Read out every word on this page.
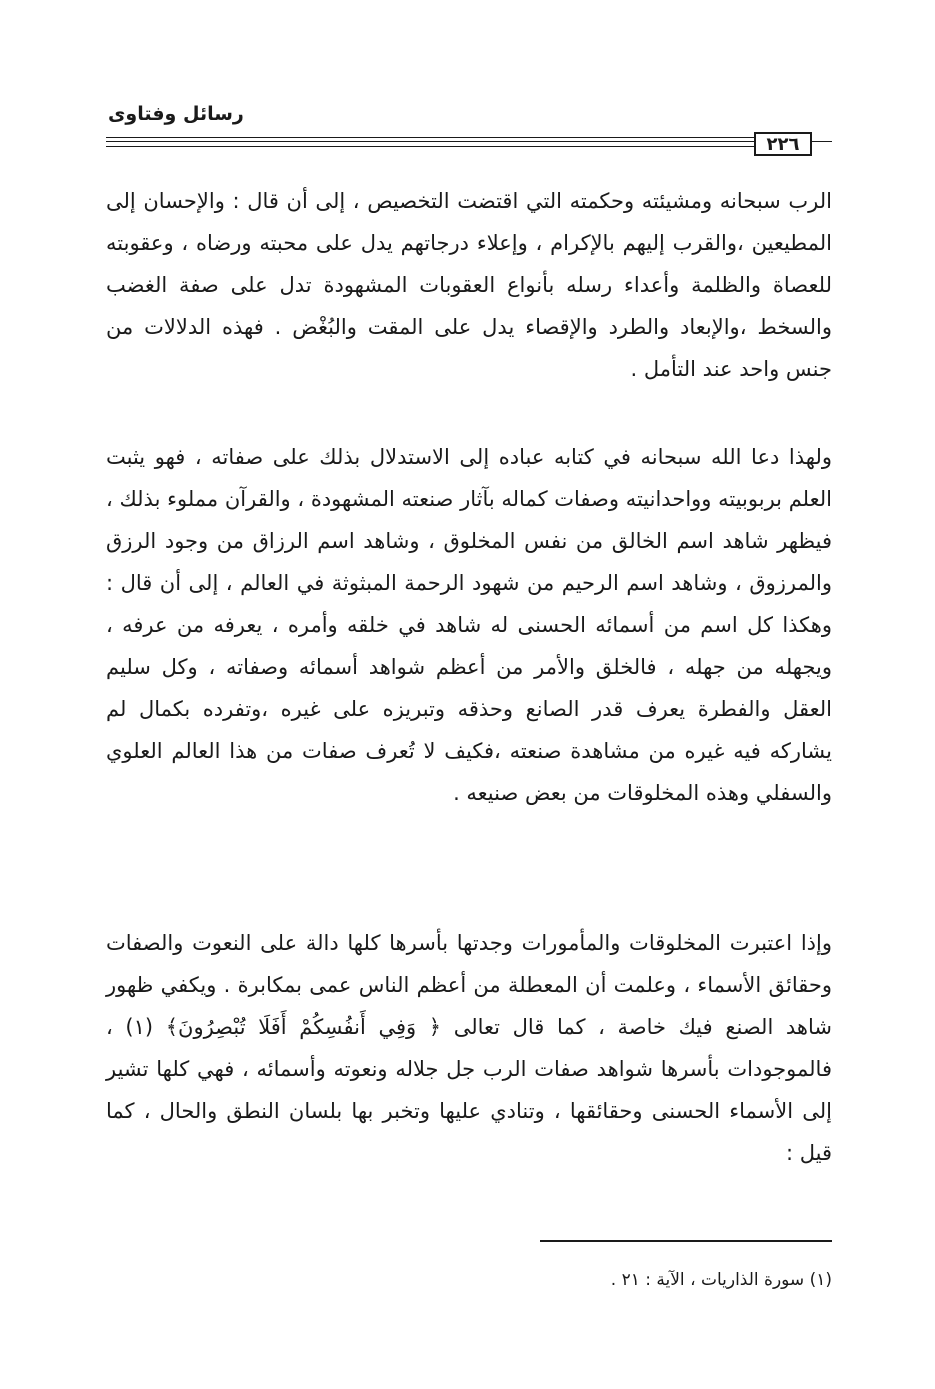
رسائل وفتاوى
٢٢٦

الرب سبحانه ومشيئته وحكمته التي اقتضت التخصيص ، إلى أن قال : والإحسان إلى المطيعين ،والقرب إليهم بالإكرام ، وإعلاء درجاتهم يدل على محبته ورضاه ، وعقوبته للعصاة والظلمة وأعداء رسله بأنواع العقوبات المشهودة تدل على صفة الغضب والسخط ،والإبعاد والطرد والإقصاء يدل على المقت والبُغْض . فهذه الدلالات من جنس واحد عند التأمل .

ولهذا دعا الله سبحانه في كتابه عباده إلى الاستدلال بذلك على صفاته ، فهو يثبت العلم بربوبيته وواحدانيته وصفات كماله بآثار صنعته المشهودة ، والقرآن مملوء بذلك ، فيظهر شاهد اسم الخالق من نفس المخلوق ، وشاهد اسم الرزاق من وجود الرزق والمرزوق ، وشاهد اسم الرحيم من شهود الرحمة المبثوثة في العالم ، إلى أن قال : وهكذا كل اسم من أسمائه الحسنى له شاهد في خلقه وأمره ، يعرفه من عرفه ، ويجهله من جهله ، فالخلق والأمر من أعظم شواهد أسمائه وصفاته ، وكل سليم العقل والفطرة يعرف قدر الصانع وحذقه وتبريزه على غيره ،وتفرده بكمال لم يشاركه فيه غيره من مشاهدة صنعته ،فكيف لا تُعرف صفات من هذا العالم العلوي والسفلي وهذه المخلوقات من بعض صنيعه .

وإذا اعتبرت المخلوقات والمأمورات وجدتها بأسرها كلها دالة على النعوت والصفات وحقائق الأسماء ، وعلمت أن المعطلة من أعظم الناس عمى بمكابرة . ويكفي ظهور شاهد الصنع فيك خاصة ، كما قال تعالى ﴿ وَفِي أَنفُسِكُمْ أَفَلَا تُبْصِرُونَ﴾ (١) ، فالموجودات بأسرها شواهد صفات الرب جل جلاله ونعوته وأسمائه ، فهي كلها تشير إلى الأسماء الحسنى وحقائقها ، وتنادي عليها وتخبر بها بلسان النطق والحال ، كما قيل :

(١) سورة الذاريات ، الآية : ٢١ .
